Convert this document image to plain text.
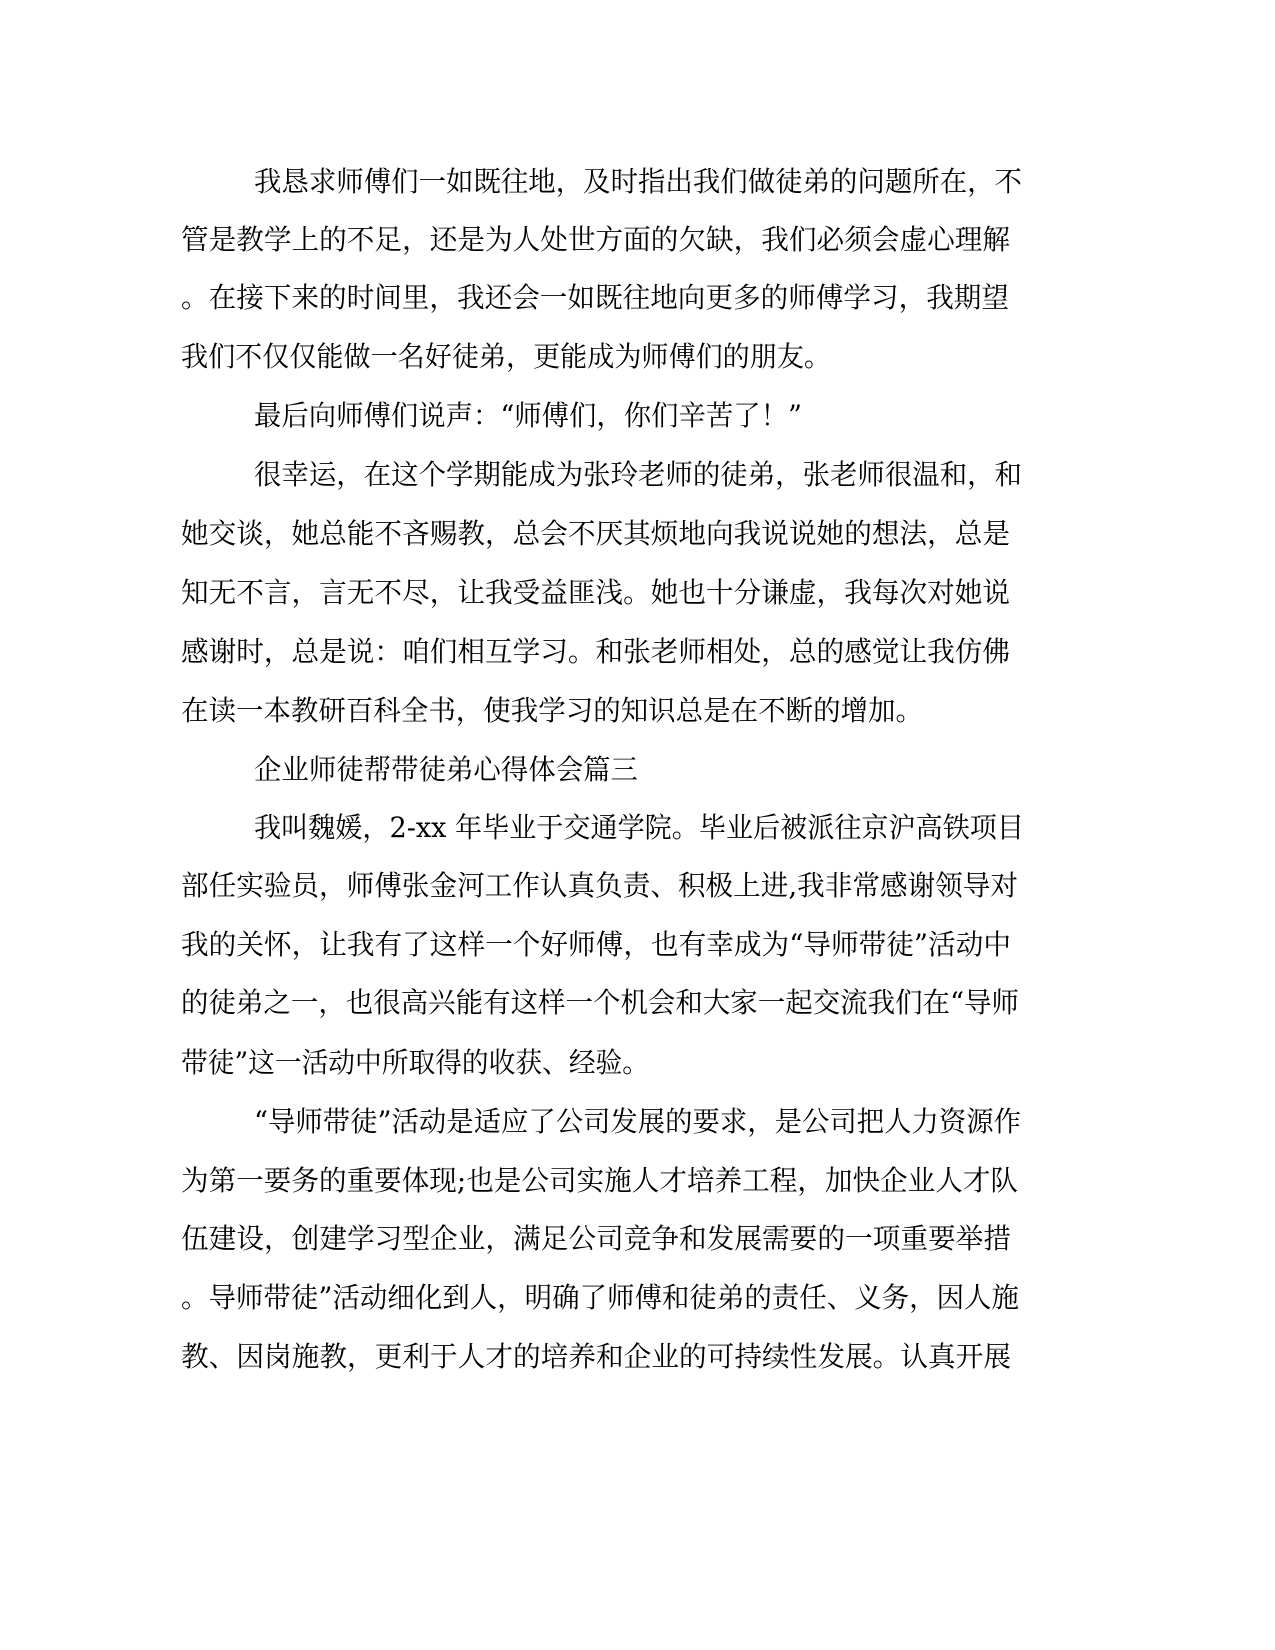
我恳求师傅们一如既往地，及时指出我们做徒弟的问题所在，不

管是教学上的不足，还是为人处世方面的欠缺，我们必须会虚心理解

。在接下来的时间里，我还会一如既往地向更多的师傅学习，我期望

我们不仅仅能做一名好徒弟，更能成为师傅们的朋友。

最后向师傅们说声：“师傅们，你们辛苦了！”

很幸运，在这个学期能成为张玲老师的徒弟，张老师很温和，和

她交谈，她总能不吝赐教，总会不厌其烦地向我说说她的想法，总是

知无不言，言无不尽，让我受益匪浅。她也十分谦虚，我每次对她说

感谢时，总是说：咱们相互学习。和张老师相处，总的感觉让我仿佛

在读一本教研百科全书，使我学习的知识总是在不断的增加。

企业师徒帮带徒弟心得体会篇三

我叫魏媛，2-xx 年毕业于交通学院。毕业后被派往京沪高铁项目

部任实验员，师傅张金河工作认真负责、积极上进,我非常感谢领导对

我的关怀，让我有了这样一个好师傅，也有幸成为“导师带徒”活动中

的徒弟之一，也很高兴能有这样一个机会和大家一起交流我们在“导师

带徒”这一活动中所取得的收获、经验。

“导师带徒”活动是适应了公司发展的要求，是公司把人力资源作

为第一要务的重要体现;也是公司实施人才培养工程，加快企业人才队

伍建设，创建学习型企业，满足公司竞争和发展需要的一项重要举措

。导师带徒”活动细化到人，明确了师傅和徒弟的责任、义务，因人施

教、因岗施教，更利于人才的培养和企业的可持续性发展。认真开展
